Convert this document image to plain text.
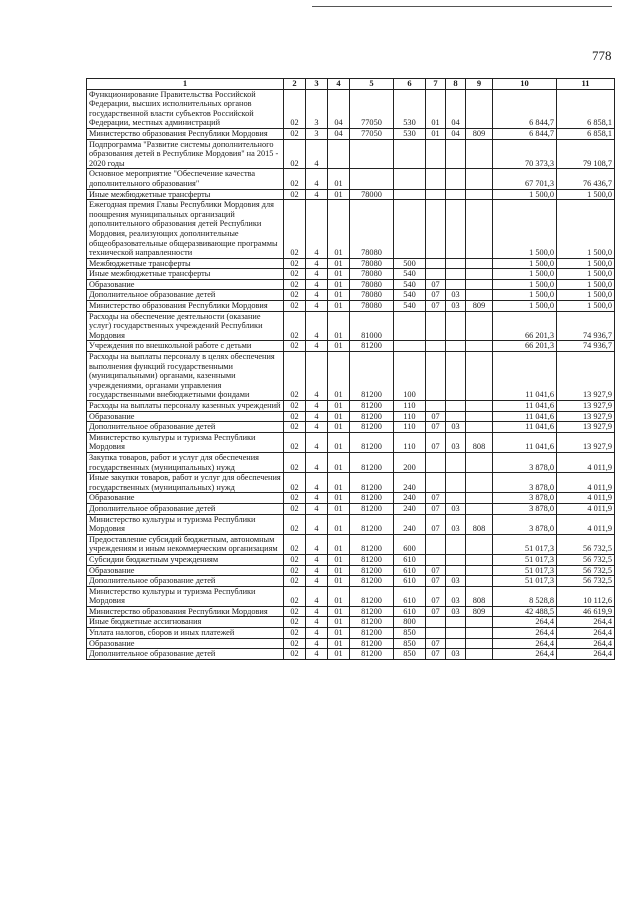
778
1	2	3	4	5	6	7	8	9	10	11
Функционирование Правительства Российской Федерации, высших исполнительных органов государственной власти субъектов Российской Федерации, местных администраций	02	3	04	77050	530	01	04		6 844,7	6 858,1
Министерство образования Республики Мордовия	02	3	04	77050	530	01	04	809	6 844,7	6 858,1
Подпрограмма "Развитие системы дополнительного образования детей в Республике Мордовия" на 2015 - 2020 годы	02	4							70 373,3	79 108,7
Основное мероприятие "Обеспечение качества дополнительного образования"	02	4	01						67 701,3	76 436,7
Иные межбюджетные трансферты	02	4	01	78000					1 500,0	1 500,0
Ежегодная премия Главы Республики Мордовия для поощрения муниципальных организаций дополнительного образования детей Республики Мордовия, реализующих дополнительные общеобразовательные общеразвивающие программы технической направленности	02	4	01	78080					1 500,0	1 500,0
Межбюджетные трансферты	02	4	01	78080	500				1 500,0	1 500,0
Иные межбюджетные трансферты	02	4	01	78080	540				1 500,0	1 500,0
Образование	02	4	01	78080	540	07			1 500,0	1 500,0
Дополнительное образование детей	02	4	01	78080	540	07	03		1 500,0	1 500,0
Министерство образования Республики Мордовия	02	4	01	78080	540	07	03	809	1 500,0	1 500,0
Расходы на обеспечение деятельности (оказание услуг) государственных учреждений Республики Мордовия	02	4	01	81000					66 201,3	74 936,7
Учреждения по внешкольной работе с детьми	02	4	01	81200					66 201,3	74 936,7
Расходы на выплаты персоналу в целях обеспечения выполнения функций государственными (муниципальными) органами, казенными учреждениями, органами управления государственными внебюджетными фондами	02	4	01	81200	100				11 041,6	13 927,9
Расходы на выплаты персоналу казенных учреждений	02	4	01	81200	110				11 041,6	13 927,9
Образование	02	4	01	81200	110	07			11 041,6	13 927,9
Дополнительное образование детей	02	4	01	81200	110	07	03		11 041,6	13 927,9
Министерство культуры и туризма Республики Мордовия	02	4	01	81200	110	07	03	808	11 041,6	13 927,9
Закупка товаров, работ и услуг для обеспечения государственных (муниципальных) нужд	02	4	01	81200	200				3 878,0	4 011,9
Иные закупки товаров, работ и услуг для обеспечения государственных (муниципальных) нужд	02	4	01	81200	240				3 878,0	4 011,9
Образование	02	4	01	81200	240	07			3 878,0	4 011,9
Дополнительное образование детей	02	4	01	81200	240	07	03		3 878,0	4 011,9
Министерство культуры и туризма Республики Мордовия	02	4	01	81200	240	07	03	808	3 878,0	4 011,9
Предоставление субсидий бюджетным, автономным учреждениям и иным некоммерческим организациям	02	4	01	81200	600				51 017,3	56 732,5
Субсидии бюджетным учреждениям	02	4	01	81200	610				51 017,3	56 732,5
Образование	02	4	01	81200	610	07			51 017,3	56 732,5
Дополнительное образование детей	02	4	01	81200	610	07	03		51 017,3	56 732,5
Министерство культуры и туризма Республики Мордовия	02	4	01	81200	610	07	03	808	8 528,8	10 112,6
Министерство образования Республики Мордовия	02	4	01	81200	610	07	03	809	42 488,5	46 619,9
Иные бюджетные ассигнования	02	4	01	81200	800				264,4	264,4
Уплата налогов, сборов и иных платежей	02	4	01	81200	850				264,4	264,4
Образование	02	4	01	81200	850	07			264,4	264,4
Дополнительное образование детей	02	4	01	81200	850	07	03		264,4	264,4
